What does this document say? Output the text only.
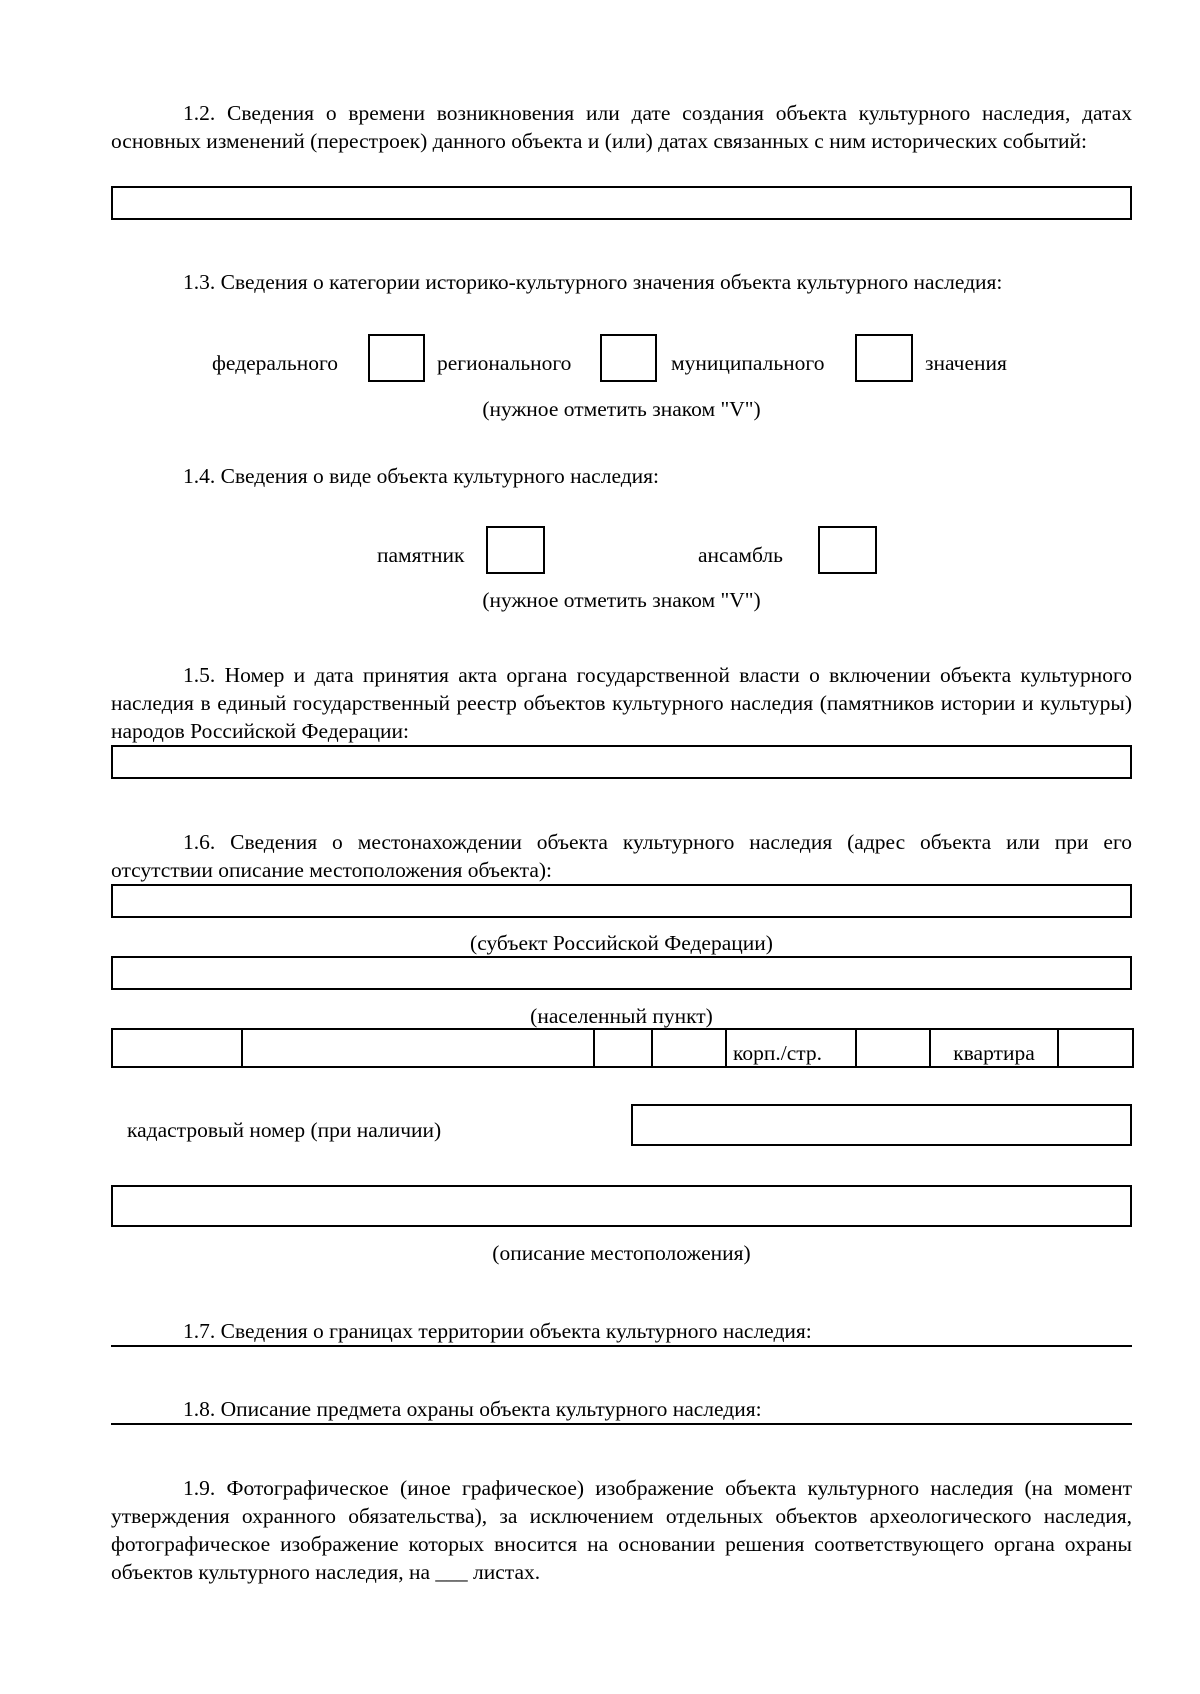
1.2. Сведения о времени возникновения или дате создания объекта культурного наследия, датах основных изменений (перестроек) данного объекта и (или) датах связанных с ним исторических событий:

1.3. Сведения о категории историко-культурного значения объекта культурного наследия:

федерального	регионального	муниципального	значения
(нужное отметить знаком "V")

1.4. Сведения о виде объекта культурного наследия:

памятник	ансамбль
(нужное отметить знаком "V")

1.5. Номер и дата принятия акта органа государственной власти о включении объекта культурного наследия в единый государственный реестр объектов культурного наследия (памятников истории и культуры) народов Российской Федерации:

1.6. Сведения о местонахождении объекта культурного наследия (адрес объекта или при его отсутствии описание местоположения объекта):

(субъект Российской Федерации)
(населенный пункт)
				корп./стр.		квартира	
кадастровый номер (при наличии)
(описание местоположения)

1.7. Сведения о границах территории объекта культурного наследия:

1.8. Описание предмета охраны объекта культурного наследия:

1.9. Фотографическое (иное графическое) изображение объекта культурного наследия (на момент утверждения охранного обязательства), за исключением отдельных объектов археологического наследия, фотографическое изображение которых вносится на основании решения соответствующего органа охраны объектов культурного наследия, на ___ листах.
